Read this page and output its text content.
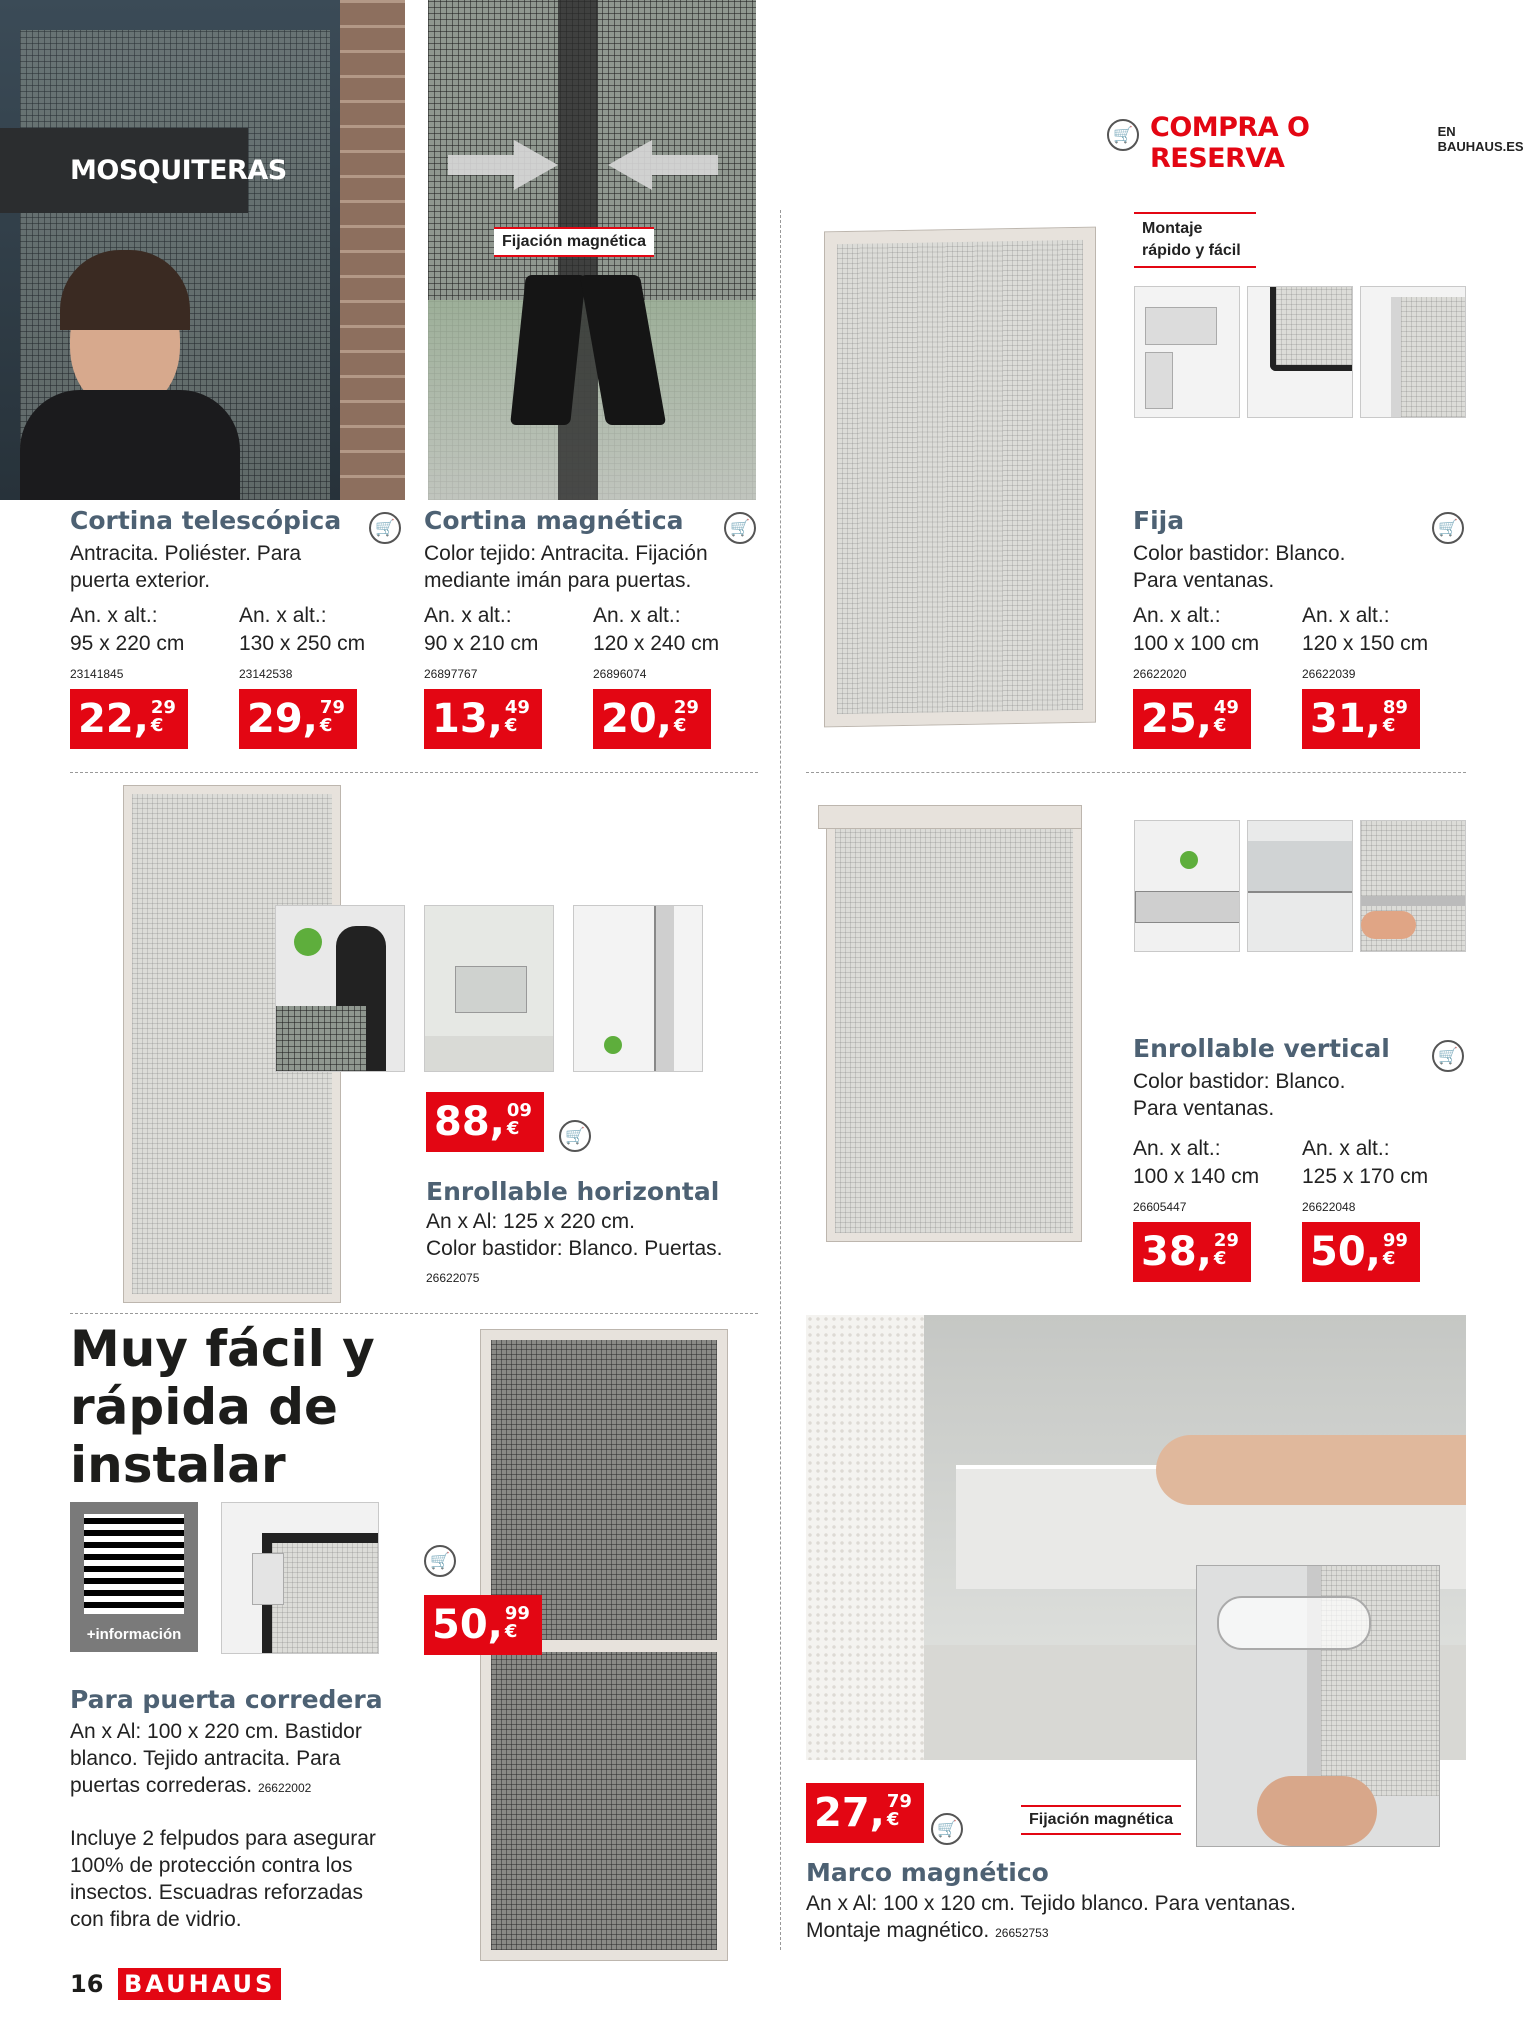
MOSQUITERAS
Fijación magnética
🛒 COMPRA O RESERVA
EN BAUHAUS.ES
Cortina telescópica	🛒
Antracita. Poliéster. Para puerta exterior.
An. x alt.:
95 x 220 cm
23141845
22, 29 €
An. x alt.:
130 x 250 cm
23142538
29, 79 €
Cortina magnética	🛒
Color tejido: Antracita. Fijación mediante imán para puertas.
An. x alt.:
90 x 210 cm
26897767
13, 49 €
An. x alt.:
120 x 240 cm
26896074
20, 29 €
Montaje rápido y fácil
Fija	🛒
Color bastidor: Blanco. Para ventanas.
An. x alt.:
100 x 100 cm
26622020
25, 49 €
An. x alt.:
120 x 150 cm
26622039
31, 89 €
88, 09 €	🛒
Enrollable horizontal
An x Al: 125 x 220 cm.
Color bastidor: Blanco. Puertas.
26622075
Enrollable vertical	🛒
Color bastidor: Blanco. Para ventanas.
An. x alt.:
100 x 140 cm
26605447
38, 29 €
An. x alt.:
125 x 170 cm
26622048
50, 99 €
Muy fácil y rápida de instalar
+información
Para puerta corredera
An x Al: 100 x 220 cm. Bastidor blanco. Tejido antracita. Para puertas correderas. 26622002
Incluye 2 felpudos para asegurar 100% de protección contra los insectos. Escuadras reforzadas con fibra de vidrio.
🛒
50, 99 €
27, 79 €	🛒
Fijación magnética
Marco magnético
An x Al: 100 x 120 cm. Tejido blanco. Para ventanas. Montaje magnético. 26652753
16 BAUHAUS
